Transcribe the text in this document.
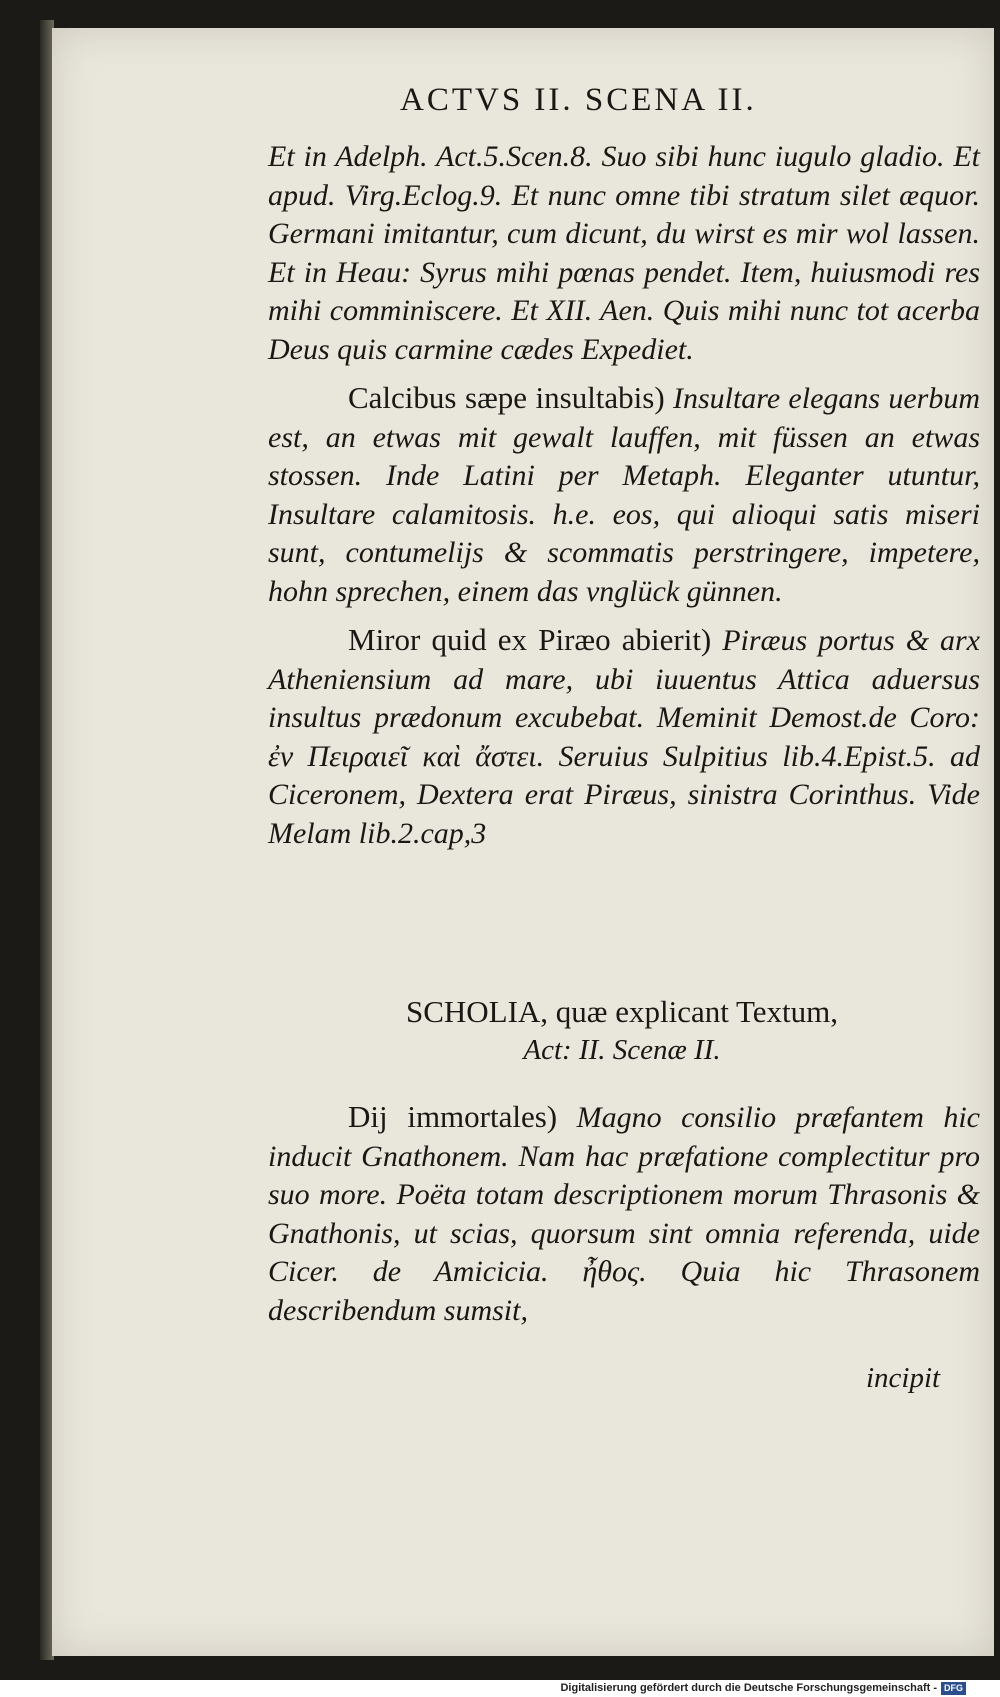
ACTVS II. SCENA II.

Et in Adelph. Act.5.Scen.8. Suo sibi hunc iugulo gladio. Et apud. Virg.Eclog.9. Et nunc omne tibi stratum silet æquor. Germani imitantur, cum dicunt, du wirst es mir wol lassen. Et in Heau: Syrus mihi pœnas pendet. Item, huiusmodi res mihi comminiscere. Et XII. Aen. Quis mihi nunc tot acerba Deus quis carmine cædes Expediet.

Calcibus sæpe insultabis) Insultare elegans uerbum est, an etwas mit gewalt lauffen, mit füssen an etwas stossen. Inde Latini per Metaph. Eleganter utuntur, Insultare calamitosis. h.e. eos, qui alioqui satis miseri sunt, contumelijs & scommatis perstringere, impetere, hohn sprechen, einem das vnglück günnen.

Miror quid ex Piræo abierit) Piræus portus & arx Atheniensium ad mare, ubi iuuentus Attica aduersus insultus prædonum excubebat. Meminit Demost.de Coro: ἐν Πειραιεῖ καὶ ἄστει. Seruius Sulpitius lib.4.Epist.5. ad Ciceronem, Dextera erat Piræus, sinistra Corinthus. Vide Melam lib.2.cap,3

SCHOLIA, quæ explicant Textum,
Act: II. Scenæ II.

Dij immortales) Magno consilio præfantem hic inducit Gnathonem. Nam hac præfatione complectitur pro suo more. Poëta totam descriptionem morum Thrasonis & Gnathonis, ut scias, quorsum sint omnia referenda, uide Cicer. de Amicicia. ἦθος. Quia hic Thrasonem describendum sumsit,

incipit
Digitalisierung gefördert durch die Deutsche Forschungsgemeinschaft - DFG
